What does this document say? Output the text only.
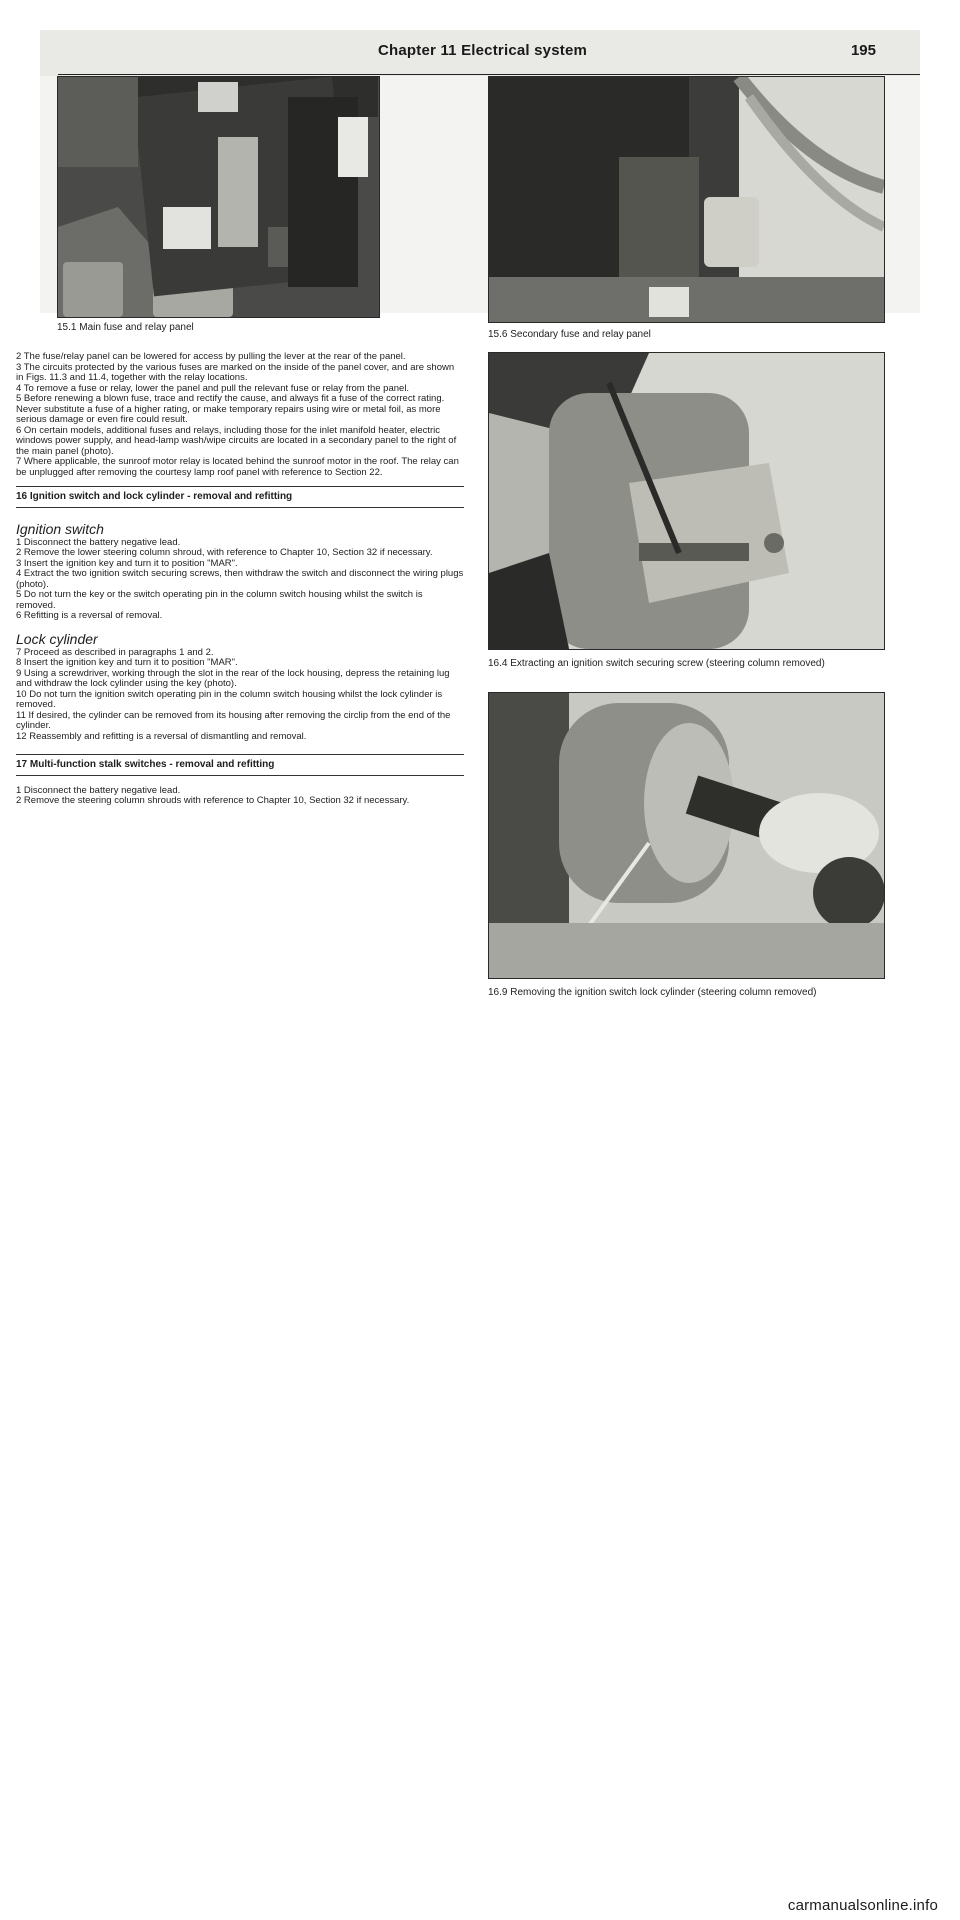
Chapter 11 Electrical system	195
15.1 Main fuse and relay panel
15.6 Secondary fuse and relay panel
16.4 Extracting an ignition switch securing screw (steering column removed)
16.9 Removing the ignition switch lock cylinder (steering column removed)

2 The fuse/relay panel can be lowered for access by pulling the lever at the rear of the panel.

3 The circuits protected by the various fuses are marked on the inside of the panel cover, and are shown in Figs. 11.3 and 11.4, together with the relay locations.

4 To remove a fuse or relay, lower the panel and pull the relevant fuse or relay from the panel.

5 Before renewing a blown fuse, trace and rectify the cause, and always fit a fuse of the correct rating. Never substitute a fuse of a higher rating, or make temporary repairs using wire or metal foil, as more serious damage or even fire could result.

6 On certain models, additional fuses and relays, including those for the inlet manifold heater, electric windows power supply, and head-lamp wash/wipe circuits are located in a secondary panel to the right of the main panel (photo).

7 Where applicable, the sunroof motor relay is located behind the sunroof motor in the roof. The relay can be unplugged after removing the courtesy lamp roof panel with reference to Section 22.

16 Ignition switch and lock cylinder - removal and refitting
Ignition switch

1 Disconnect the battery negative lead.

2 Remove the lower steering column shroud, with reference to Chapter 10, Section 32 if necessary.

3 Insert the ignition key and turn it to position "MAR".

4 Extract the two ignition switch securing screws, then withdraw the switch and disconnect the wiring plugs (photo).

5 Do not turn the key or the switch operating pin in the column switch housing whilst the switch is removed.

6 Refitting is a reversal of removal.

Lock cylinder

7 Proceed as described in paragraphs 1 and 2.

8 Insert the ignition key and turn it to position "MAR".

9 Using a screwdriver, working through the slot in the rear of the lock housing, depress the retaining lug and withdraw the lock cylinder using the key (photo).

10 Do not turn the ignition switch operating pin in the column switch housing whilst the lock cylinder is removed.

11 If desired, the cylinder can be removed from its housing after removing the circlip from the end of the cylinder.

12 Reassembly and refitting is a reversal of dismantling and removal.

17 Multi-function stalk switches - removal and refitting

1 Disconnect the battery negative lead.

2 Remove the steering column shrouds with reference to Chapter 10, Section 32 if necessary.

carmanualsonline.info
